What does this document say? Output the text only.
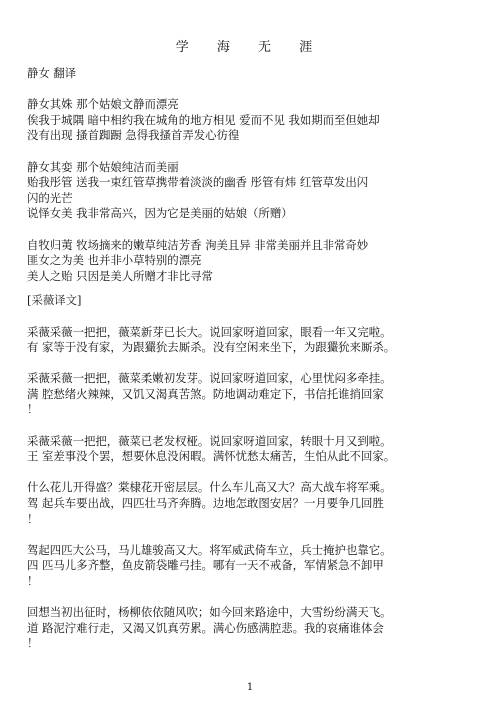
学 海 无 涯
静女 翻译
静女其姝 那个姑娘文静而漂亮
俟我于城隅 暗中相约我在城角的地方相见 爱而不见 我如期而至但她却
没有出现 搔首踟蹰 急得我搔首弄发心彷徨
静女其娈 那个姑娘纯洁而美丽
贻我彤管 送我一束红管草携带着淡淡的幽香 彤管有炜 红管草发出闪
闪的光芒
说怿女美 我非常高兴，因为它是美丽的姑娘（所赠）
自牧归荑 牧场摘来的嫩草纯洁芳香 洵美且异 非常美丽并且非常奇妙
匪女之为美 也并非小草特别的漂亮
美人之贻 只因是美人所赠才非比寻常
[采薇译文]
采薇采薇一把把，薇菜新芽已长大。说回家呀道回家，眼看一年又完啦。
有 家等于没有家，为跟玁狁去厮杀。没有空闲来坐下，为跟玁狁来厮杀。
采薇采薇一把把，薇菜柔嫩初发芽。说回家呀道回家，心里忧闷多牵挂。
满 腔愁绪火辣辣，又饥又渴真苦煞。防地调动难定下，书信托谁捎回家
！
采薇采薇一把把，薇菜已老发杈桠。说回家呀道回家，转眼十月又到啦。
王 室差事没个罢，想要休息没闲暇。满怀忧愁太痛苦，生怕从此不回家。
什么花儿开得盛？棠棣花开密层层。什么车儿高又大？高大战车将军乘。
驾 起兵车要出战，四匹壮马齐奔腾。边地怎敢图安居？一月要争几回胜
！
驾起四匹大公马，马儿雄骏高又大。将军威武倚车立，兵士掩护也靠它。
四 匹马儿多齐整，鱼皮箭袋雕弓挂。哪有一天不戒备，军情紧急不卸甲
！
回想当初出征时，杨柳依依随风吹；如今回来路途中，大雪纷纷满天飞。
道 路泥泞难行走，又渴又饥真劳累。满心伤感满腔悲。我的哀痛谁体会
！
1
